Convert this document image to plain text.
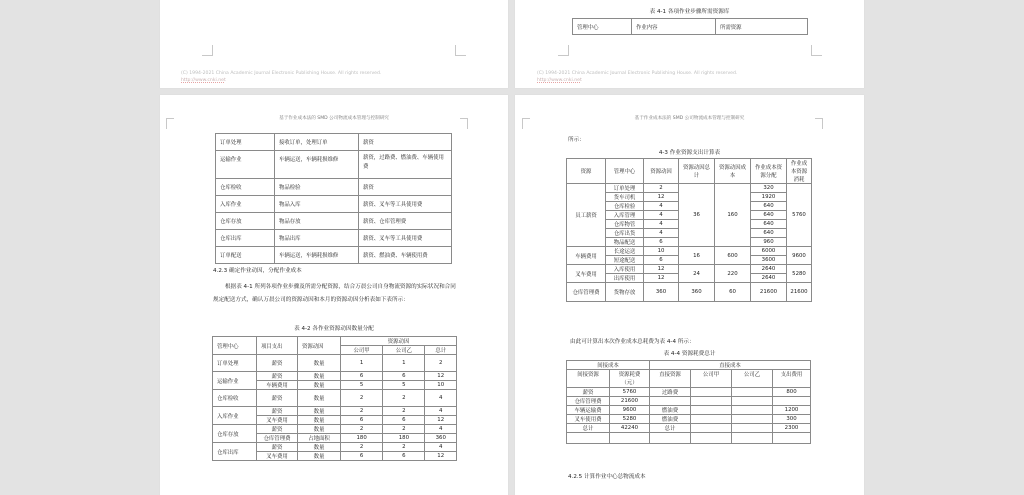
(C) 1994-2021 China Academic Journal Electronic Publishing House. All rights reserved.
http://www.cnki.net
表 4-1 各项作业步骤所需资源库
管理中心	作业内容	所需资源
(C) 1994-2021 China Academic Journal Electronic Publishing House. All rights reserved.
http://www.cnki.net
基于作业成本法的 SMD 公司物流成本管理与控制研究
订单处理	接收订单，处理订单	薪资
运输作业	车辆运送，车辆耗损维修	薪资，过路费、燃油费、车辆使用费
仓库检收	物品检验	薪资
入库作业	物品入库	薪资、叉车等工具使用费
仓库存放	物品存放	薪资、仓库管理费
仓库出库	物品出库	薪资、叉车等工具使用费
订单配送	车辆运送，车辆耗损维修	薪资、燃油费、车辆使用费
4.2.3 确定作业动因，分配作业成本
根据表 4-1 所列各项作业步骤及所需分配资源，结合万晨公司自身物流资源的实际状况和合同规定配送方式，确认万晨公司的资源动因和本月的资源动因分析表如下表所示：
表 4-2 各作业资源动因数量分配
管理中心	项目支出	资源动因	资源动因		
			公司甲	公司乙	总计
订单处理	薪资	数量	1	1	2
运输作业	薪资	数量	6	6	12
	车辆费用	数量	5	5	10
仓库检收	薪资	数量	2	2	4
入库作业	薪资	数量	2	2	4
	叉车费用	数量	6	6	12
仓库存放	薪资	数量	2	2	4
	仓库管理费	占地面积	180	180	360
仓库出库	薪资	数量	2	2	4
	叉车费用	数量	6	6	12
基于作业成本法的 SMD 公司物流成本管理与控制研究
所示：
4-3 作业资源支出计算表
资源	管理中心	资源动因	资源动因总计	资源动因成本	作业成本资源分配	作业成本资源消耗
员工薪资	订单处理	2	36	160	320	5760
	货车司机	12			1920	
	仓库检验	4			640	
	入库管理	4			640	
	仓库物管	4			640	
	仓库出货	4			640	
	物品配送	6			960	
车辆费用	长途运送	10	16	600	6000	9600
	短途配送	6			3600	
叉车费用	入库使用	12	24	220	2640	5280
	出库使用	12			2640	
仓库管理费	货物存放	360	360	60	21600	21600
由此可计算出本次作业成本总耗费为表 4-4 所示：
表 4-4 资源耗费总计
间接成本		直接成本			
间接资源	资源耗费（元）	直接资源	公司甲	公司乙	支出费用
薪资	5760	过路费			800
仓库管理费	21600				
车辆运输费	9600	燃油费			1200
叉车使用费	5280	燃油费			300
总计	42240	总计			2300

4.2.5 计算作业中心总物流成本
